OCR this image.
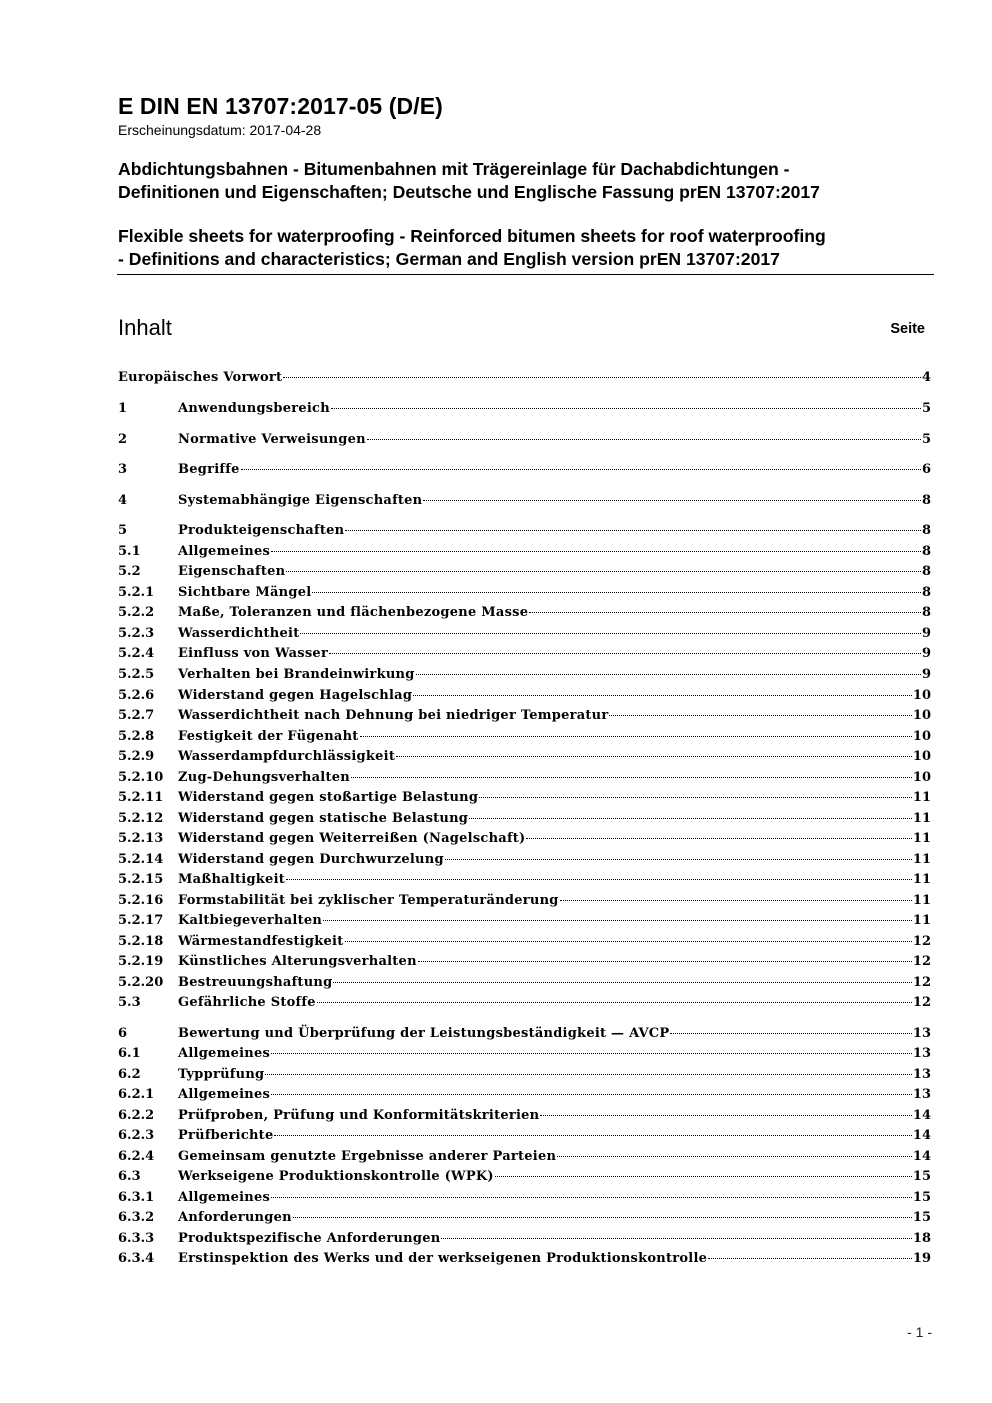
E DIN EN 13707:2017-05 (D/E)
Erscheinungsdatum: 2017-04-28
Abdichtungsbahnen - Bitumenbahnen mit Trägereinlage für Dachabdichtungen -
Definitionen und Eigenschaften; Deutsche und Englische Fassung prEN 13707:2017
Flexible sheets for waterproofing - Reinforced bitumen sheets for roof waterproofing
- Definitions and characteristics; German and English version prEN 13707:2017
Inhalt	Seite
Europäisches Vorwort	4
1	Anwendungsbereich	5
2	Normative Verweisungen	5
3	Begriffe	6
4	Systemabhängige Eigenschaften	8
5	Produkteigenschaften	8
5.1	Allgemeines	8
5.2	Eigenschaften	8
5.2.1	Sichtbare Mängel	8
5.2.2	Maße, Toleranzen und flächenbezogene Masse	8
5.2.3	Wasserdichtheit	9
5.2.4	Einfluss von Wasser	9
5.2.5	Verhalten bei Brandeinwirkung	9
5.2.6	Widerstand gegen Hagelschlag	10
5.2.7	Wasserdichtheit nach Dehnung bei niedriger Temperatur	10
5.2.8	Festigkeit der Fügenaht	10
5.2.9	Wasserdampfdurchlässigkeit	10
5.2.10	Zug-Dehungsverhalten	10
5.2.11	Widerstand gegen stoßartige Belastung	11
5.2.12	Widerstand gegen statische Belastung	11
5.2.13	Widerstand gegen Weiterreißen (Nagelschaft)	11
5.2.14	Widerstand gegen Durchwurzelung	11
5.2.15	Maßhaltigkeit	11
5.2.16	Formstabilität bei zyklischer Temperaturänderung	11
5.2.17	Kaltbiegeverhalten	11
5.2.18	Wärmestandfestigkeit	12
5.2.19	Künstliches Alterungsverhalten	12
5.2.20	Bestreuungshaftung	12
5.3	Gefährliche Stoffe	12
6	Bewertung und Überprüfung der Leistungsbeständigkeit — AVCP	13
6.1	Allgemeines	13
6.2	Typprüfung	13
6.2.1	Allgemeines	13
6.2.2	Prüfproben, Prüfung und Konformitätskriterien	14
6.2.3	Prüfberichte	14
6.2.4	Gemeinsam genutzte Ergebnisse anderer Parteien	14
6.3	Werkseigene Produktionskontrolle (WPK)	15
6.3.1	Allgemeines	15
6.3.2	Anforderungen	15
6.3.3	Produktspezifische Anforderungen	18
6.3.4	Erstinspektion des Werks und der werkseigenen Produktionskontrolle	19
- 1 -
